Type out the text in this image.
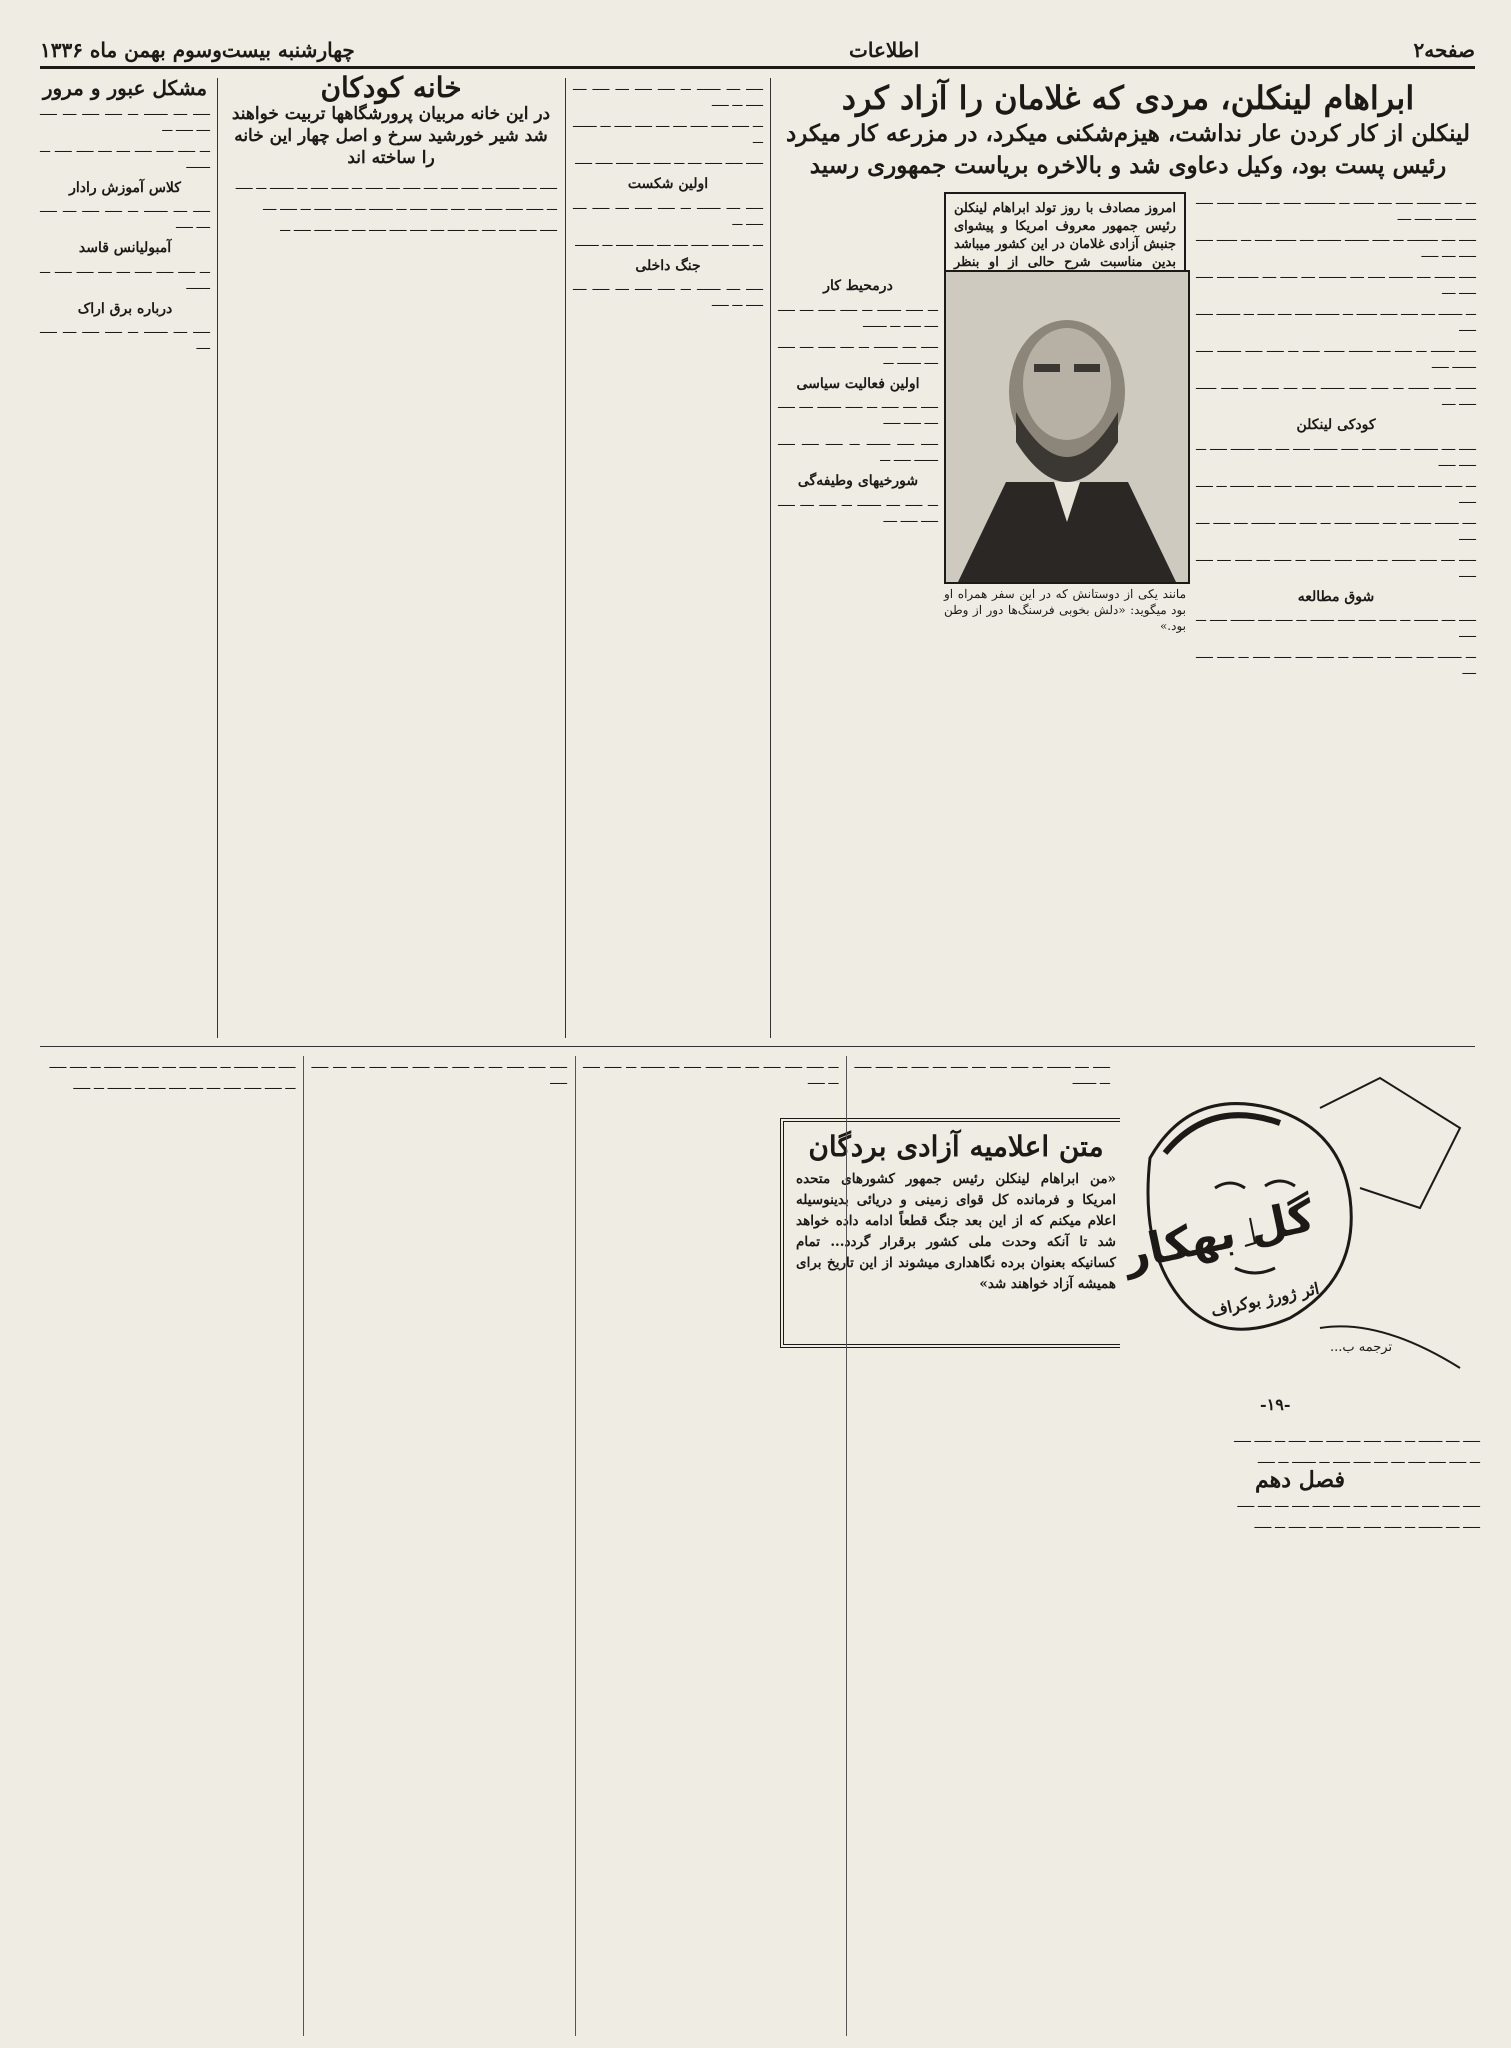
صفحه۲
اطلاعات
چهارشنبه بیست‌وسوم بهمن ماه ۱۳۳۶
ابراهام لینکلن، مردی که غلامان را آزاد کرد
لینکلن از کار کردن عار نداشت، هیزم‌شکنی میکرد، در مزرعه کار میکرد رئیس پست بود، وکیل دعاوی شد و بالاخره بریاست جمهوری رسید
امروز مصادف با روز تولد ابراهام لینکلن رئیس جمهور معروف امریکا و پیشوای جنبش آزادی غلامان در این کشور میباشد بدین مناسبت شرح حالی از او بنظر
مانند یکی از دوستانش که در این سفر همراه او بود میگوید: «دلش بخوبی فرسنگ‌ها دور از وطن بود.»

ـــ ـــــ ـــــــ ـــــ ــــ ــــــ ـــ ـــــــــ ـــــ ــــ ـــــــ ـــــ ـــــ ــــــ ـــــ ـــــ ــــ

ـــــ ــــ ـــــــــ ـــ ـــــ ـــــــ ـــــــ ــــ ــــــ ـــــ ـــ ــــــ ـــــ ـــــ ــــ ـــــ

ـــــ ــــــ ــــ ـــــــ ـــــ ــــ ــــــــ ــــ ـــــ ــــ ــــــ ـــــ ـــــ ـــــ ــــ

ـــ ـــــــ ــــ ـــــ ـــــ ــــــ ـــ ـــــــ ـــــ ــــ ـــــ ـــ ـــــــ ـــــ ـــــ

ـــــ ـــــــ ـــ ـــــ ــــ ـــــــ ــــــ ـــــ ـــ ـــــ ـــــ ـــــــ ـــــ ـــــــ ـــــ

ــــــ ـــــ ــــــ ـــ ـــــ ـــــ ـــــــ ــــ ــــ ـــــ ــــ ـــــ ــــــ ـــــ ــــ

کودکی لینکلن

ـــــ ــــ ـــــــ ـــ ـــــ ــــ ـــــ ـــــــ ـــــ ــــ ــــ ـــــــ ـــــ ـــ ـــــ ـــــ

ـــ ـــــ ـــــــ ـــــ ـــــ ــــــ ــــ ـــــ ـــــ ـــــ ــــ ـــــــ ـــ ـــــ ـــــ

ــــ ـــــــ ـــــ ـــ ــــ ـــــــ ـــــ ـــ ـــــ ـــــ ـــــــ ــــ ـــــ ــــ ـــــ

ـــــ ــــ ـــــ ـــــــ ـــ ـــــ ـــــ ــــــ ـــ ـــــ ــــ ـــــ ــــ ـــــ ـــــ

شوق مطالعه

ـــــ ــــ ـــــــ ـــ ـــــ ـــــ ـــــ ـــــــ ـــ ـــــ ــــ ـــــــ ـــــ ـــ ـــــ

ـــ ـــــــ ـــــ ـــــ ــــ ــــــ ـــ ـــــ ـــــ ـــــ ـــــ ـــ ـــــ ـــــ ــــ

درمحیط کار

ـــ ـــــ ـــــــ ـــ ـــــ ـــــ ــــ ـــــ ــــ ـــــ ـــ ـــــــ

ـــــ ــــ ـــــــ ـــ ــــ ـــــ ــــ ـــــ ــــ ـــــــ ـــ

اولین فعالیت سیاسی

ـــــ ــــ ـــــ ـــ ـــــ ـــــــ ــــ ـــــ ــــ ـــــ ـــــ

ـــــ ـــــ ـــــــ ـــ ـــــ ـــــ ـــــ ـــــــ ـــــ ـــ

شورخیهای وطیفه‌گی

ـــ ـــــ ــــ ـــــــ ـــ ـــــ ــــ ـــــ ـــــ ـــــ ــــ

ـــــ ــــ ـــــــ ـــ ـــــ ـــــ ــــ ـــــ ــــ ـــــ ـــ ـــــ

ـــ ـــــ ـــــ ـــــ ــــ ــــ ـــــ ـــــ ـــ ـــــــ ـــ

ـــــ ـــــ ـــــ ــــ ـــ ـــــ ــــ ـــــ ـــــ ـــــ

اولین شکست

ـــــ ــــ ـــــــ ـــ ـــــ ـــــ ــــ ـــــ ــــ ـــــ ـــ

ـــ ـــــ ـــــ ـــــ ــــ ــــ ـــــ ـــــ ـــ ـــــــ

جنگ داخلی

ـــــ ــــ ـــــــ ـــ ـــــ ـــــ ــــ ـــــ ــــ ـــــ ـــ ـــــ

متن اعلامیه آزادی بردگان

«من ابراهام لینکلن رئیس جمهور کشورهای متحده امریکا و فرمانده کل قوای زمینی و دریائی بدینوسیله اعلام میکنم که از این بعد جنگ قطعاً ادامه داده خواهد شد تا آنکه وحدت ملی کشور برقرار گردد... تمام کسانیکه بعنوان برده نگاهداری میشوند از این تاریخ برای همیشه آزاد خواهند شد»

خانه کودکان
در این خانه مربیان پرورشگاهها تربیت خواهند شد شیر خورشید سرخ و اصل چهار این خانه را ساخته اند

ـــــ ــــ ـــــــ ـــ ـــــ ـــــ ــــ ـــــ ــــ ـــــ ـــ ـــــ ـــــ ـــ ـــــــ ـــ ـــــ

ـــ ـــــ ـــــ ـــــ ــــ ــــ ـــــ ـــــ ـــ ـــــــ ـــ ـــــ ـــــ ـــ ـــــ ــــ

ـــــ ـــــ ـــــ ــــ ـــ ـــــ ــــ ـــــ ـــــ ـــــ ــــ ــــ ـــــ ـــــ ـــ

مشکل عبور و مرور

ـــــ ــــ ـــــــ ـــ ـــــ ـــــ ــــ ـــــ ــــ ـــــ ـــ

ـــ ـــــ ـــــ ـــــ ــــ ــــ ـــــ ـــــ ـــ ـــــــ

کلاس آموزش رادار

ـــــ ــــ ـــــــ ـــ ـــــ ـــــ ــــ ـــــ ــــ ـــــ

آمبولیانس قاسد

ـــ ـــــ ـــــ ـــــ ــــ ــــ ـــــ ـــــ ـــ ـــــــ

درباره برق اراک

ـــــ ــــ ـــــــ ـــ ـــــ ـــــ ــــ ـــــ ــــ

ـــــ ــــ ـــــــ ـــ ـــــ ـــــ ــــ ـــــ ــــ ـــــ ـــ ـــــ ـــــ ـــ ـــــــ

ـــ ـــــ ـــــ ـــــ ــــ ــــ ـــــ ـــــ ـــ ـــــــ ـــ ـــــ ـــــ ـــ ـــــ

ـــــ ـــــ ـــــ ــــ ـــ ـــــ ــــ ـــــ ـــــ ـــــ ــــ ــــ ـــــ ـــــ

ـــــ ــــ ـــــــ ـــ ـــــ ـــــ ــــ ـــــ ــــ ـــــ ـــ ـــــ ـــــ

ـــ ـــــ ـــــ ـــــ ــــ ــــ ـــــ ـــــ ـــ ـــــــ ـــ ـــــ

گل بهکار
اثر ژورژ بوکراف
ترجمه ب...
-۱۹-

ـــــ ــــ ـــــــ ـــ ـــــ ـــــ ــــ ـــــ ــــ ـــــ ـــ ـــــ ـــــ

ـــ ـــــ ـــــ ـــــ ــــ ــــ ـــــ ـــــ ـــ ـــــــ ـــ ـــــ

فصل دهم

ـــــ ـــــ ـــــ ــــ ـــ ـــــ ــــ ـــــ ـــــ ـــــ ــــ ــــ ـــــ

ـــــ ــــ ـــــــ ـــ ـــــ ـــــ ــــ ـــــ ــــ ـــــ ـــ ـــــ
